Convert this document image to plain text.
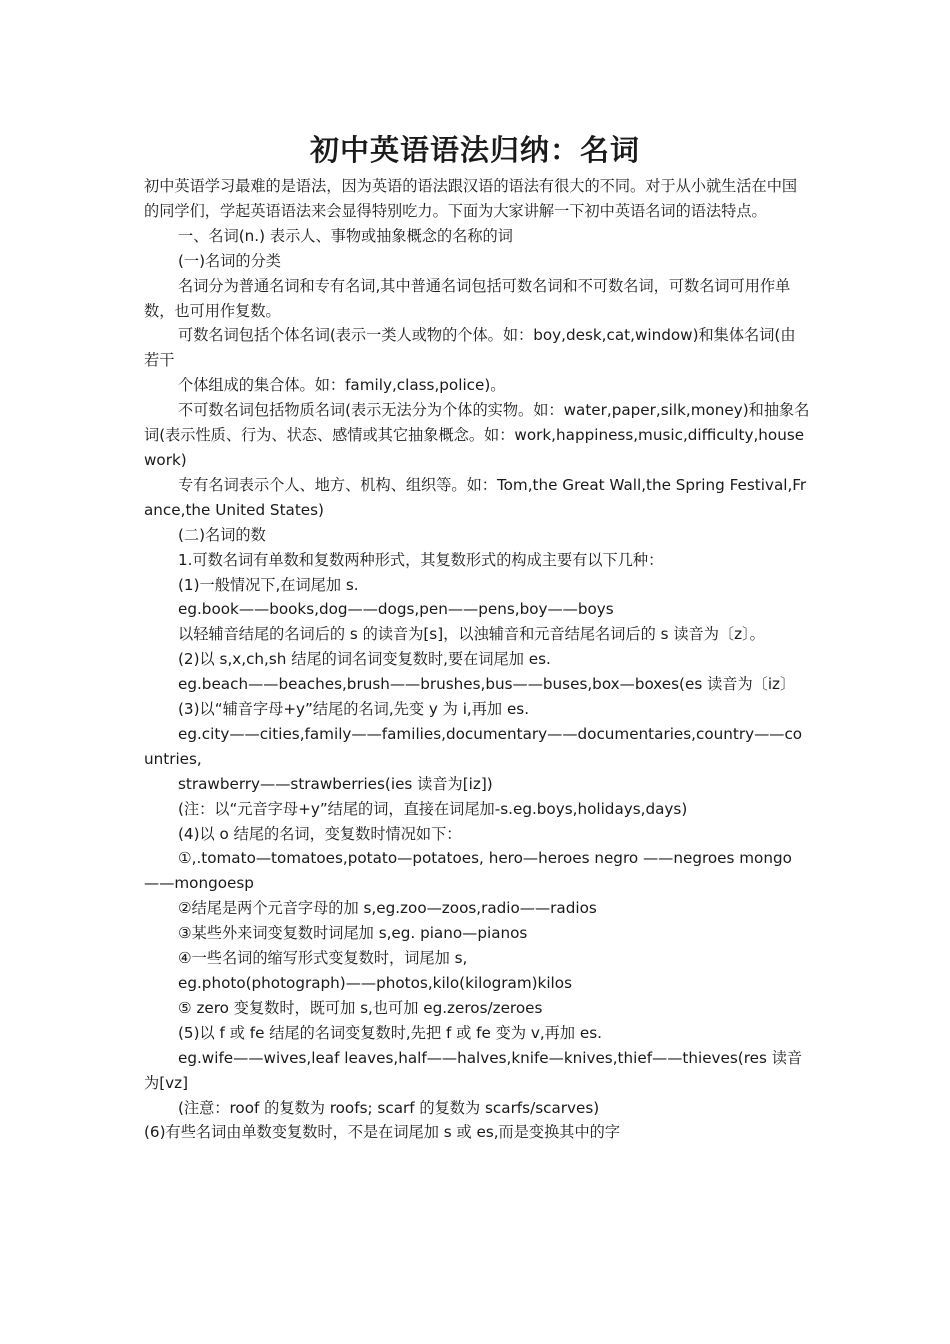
初中英语语法归纳：名词

初中英语学习最难的是语法，因为英语的语法跟汉语的语法有很大的不同。对于从小就生活在中国的同学们，学起英语语法来会显得特别吃力。下面为大家讲解一下初中英语名词的语法特点。

一、名词(n.) 表示人、事物或抽象概念的名称的词

(一)名词的分类

名词分为普通名词和专有名词,其中普通名词包括可数名词和不可数名词，可数名词可用作单数，也可用作复数。

可数名词包括个体名词(表示一类人或物的个体。如：boy,desk,cat,window)和集体名词(由若干

个体组成的集合体。如：family,class,police)。

不可数名词包括物质名词(表示无法分为个体的实物。如：water,paper,silk,money)和抽象名词(表示性质、行为、状态、感情或其它抽象概念。如：work,happiness,music,difficulty,housework)

专有名词表示个人、地方、机构、组织等。如：Tom,the Great Wall,the Spring Festival,France,the United States)

(二)名词的数

1.可数名词有单数和复数两种形式，其复数形式的构成主要有以下几种：

(1)一般情况下,在词尾加 s.

eg.book——books,dog——dogs,pen——pens,boy——boys

以轻辅音结尾的名词后的 s 的读音为[s]，以浊辅音和元音结尾名词后的 s 读音为〔z〕。

(2)以 s,x,ch,sh 结尾的词名词变复数时,要在词尾加 es.

eg.beach——beaches,brush——brushes,bus——buses,box—boxes(es 读音为〔iz〕

(3)以“辅音字母+y”结尾的名词,先变 y 为 i,再加 es.

eg.city——cities,family——families,documentary——documentaries,country——countries,

strawberry——strawberries(ies 读音为[iz])

(注：以“元音字母+y”结尾的词，直接在词尾加-s.eg.boys,holidays,days)

(4)以 o 结尾的名词，变复数时情况如下：

①,.tomato—tomatoes,potato—potatoes, hero—heroes negro ——negroes mongo ——mongoesp

②结尾是两个元音字母的加 s,eg.zoo—zoos,radio——radios

③某些外来词变复数时词尾加 s,eg. piano—pianos

④一些名词的缩写形式变复数时，词尾加 s,

eg.photo(photograph)——photos,kilo(kilogram)kilos

⑤ zero 变复数时，既可加 s,也可加 eg.zeros/zeroes

(5)以 f 或 fe 结尾的名词变复数时,先把 f 或 fe 变为 v,再加 es.

eg.wife——wives,leaf leaves,half——halves,knife—knives,thief——thieves(res 读音为[vz]

(注意：roof 的复数为 roofs; scarf 的复数为 scarfs/scarves)

(6)有些名词由单数变复数时，不是在词尾加 s 或 es,而是变换其中的字
